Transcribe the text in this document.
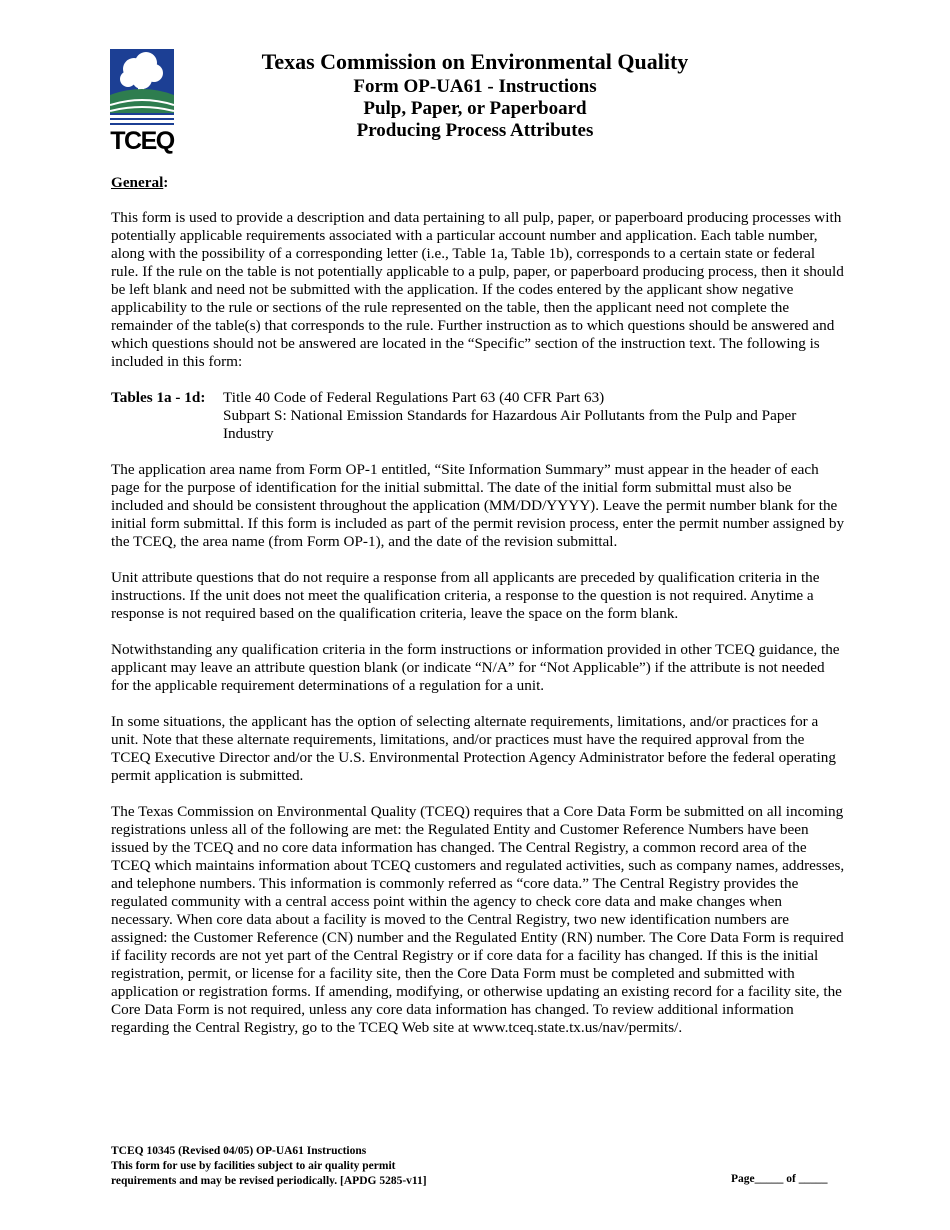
TCEQ
Texas Commission on Environmental Quality
Form OP-UA61 - Instructions
Pulp, Paper, or Paperboard
Producing Process Attributes
General:

This form is used to provide a description and data pertaining to all pulp, paper, or paperboard producing processes with potentially applicable requirements associated with a particular account number and application. Each table number, along with the possibility of a corresponding letter (i.e., Table 1a, Table 1b), corresponds to a certain state or federal rule. If the rule on the table is not potentially applicable to a pulp, paper, or paperboard producing process, then it should be left blank and need not be submitted with the application. If the codes entered by the applicant show negative applicability to the rule or sections of the rule represented on the table, then the applicant need not complete the remainder of the table(s) that corresponds to the rule. Further instruction as to which questions should be answered and which questions should not be answered are located in the “Specific” section of the instruction text. The following is included in this form:

Tables 1a - 1d:	Title 40 Code of Federal Regulations Part 63 (40 CFR Part 63)
Subpart S: National Emission Standards for Hazardous Air Pollutants from the Pulp and Paper Industry

The application area name from Form OP-1 entitled, “Site Information Summary” must appear in the header of each page for the purpose of identification for the initial submittal. The date of the initial form submittal must also be included and should be consistent throughout the application (MM/DD/YYYY). Leave the permit number blank for the initial form submittal. If this form is included as part of the permit revision process, enter the permit number assigned by the TCEQ, the area name (from Form OP-1), and the date of the revision submittal.

Unit attribute questions that do not require a response from all applicants are preceded by qualification criteria in the instructions. If the unit does not meet the qualification criteria, a response to the question is not required. Anytime a response is not required based on the qualification criteria, leave the space on the form blank.

Notwithstanding any qualification criteria in the form instructions or information provided in other TCEQ guidance, the applicant may leave an attribute question blank (or indicate “N/A” for “Not Applicable”) if the attribute is not needed for the applicable requirement determinations of a regulation for a unit.

In some situations, the applicant has the option of selecting alternate requirements, limitations, and/or practices for a unit. Note that these alternate requirements, limitations, and/or practices must have the required approval from the TCEQ Executive Director and/or the U.S. Environmental Protection Agency Administrator before the federal operating permit application is submitted.

The Texas Commission on Environmental Quality (TCEQ) requires that a Core Data Form be submitted on all incoming registrations unless all of the following are met: the Regulated Entity and Customer Reference Numbers have been issued by the TCEQ and no core data information has changed. The Central Registry, a common record area of the TCEQ which maintains information about TCEQ customers and regulated activities, such as company names, addresses, and telephone numbers. This information is commonly referred as “core data.” The Central Registry provides the regulated community with a central access point within the agency to check core data and make changes when necessary. When core data about a facility is moved to the Central Registry, two new identification numbers are assigned: the Customer Reference (CN) number and the Regulated Entity (RN) number. The Core Data Form is required if facility records are not yet part of the Central Registry or if core data for a facility has changed. If this is the initial registration, permit, or license for a facility site, then the Core Data Form must be completed and submitted with application or registration forms. If amending, modifying, or otherwise updating an existing record for a facility site, the Core Data Form is not required, unless any core data information has changed. To review additional information regarding the Central Registry, go to the TCEQ Web site at www.tceq.state.tx.us/nav/permits/.

TCEQ 10345 (Revised 04/05) OP-UA61 Instructions
This form for use by facilities subject to air quality permit
requirements and may be revised periodically. [APDG 5285-v11]	Page_____ of _____
